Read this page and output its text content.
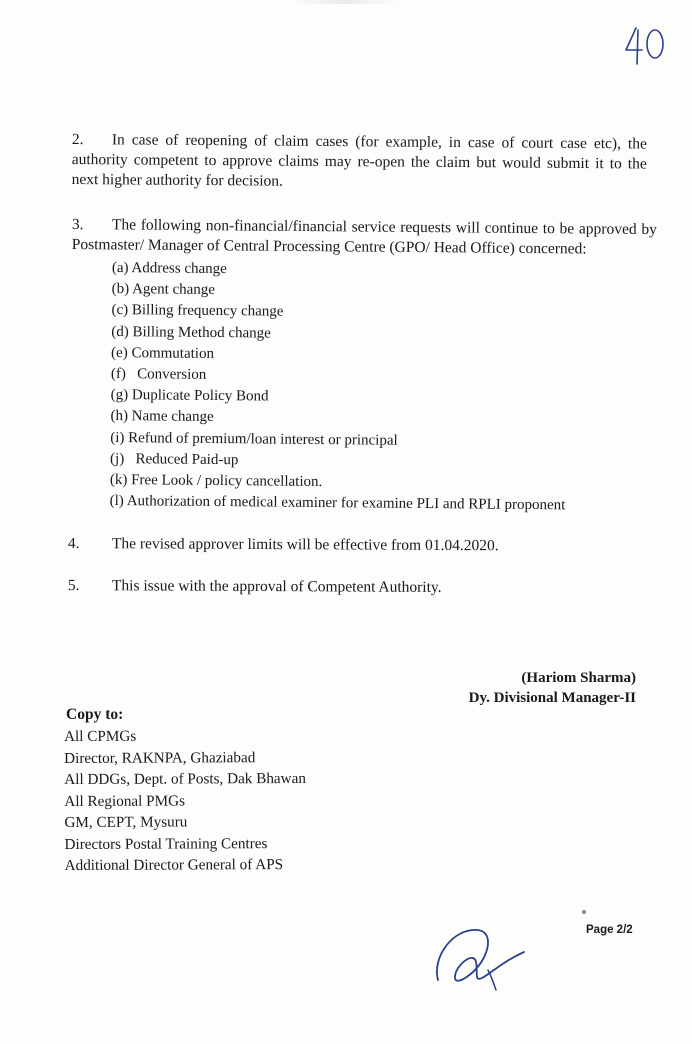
2. In case of reopening of claim cases (for example, in case of court case etc), the authority competent to approve claims may re-open the claim but would submit it to the next higher authority for decision.
3. The following non-financial/financial service requests will continue to be approved by Postmaster/ Manager of Central Processing Centre (GPO/ Head Office) concerned:
(a) Address change
(b) Agent change
(c) Billing frequency change
(d) Billing Method change
(e) Commutation
(f)   Conversion
(g) Duplicate Policy Bond
(h) Name change
(i) Refund of premium/loan interest or principal
(j)   Reduced Paid-up
(k) Free Look / policy cancellation.
(l) Authorization of medical examiner for examine PLI and RPLI proponent
4. The revised approver limits will be effective from 01.04.2020.
5. This issue with the approval of Competent Authority.
(Hariom Sharma)
Dy. Divisional Manager-II
Copy to:
All CPMGs
Director, RAKNPA, Ghaziabad
All DDGs, Dept. of Posts, Dak Bhawan
All Regional PMGs
GM, CEPT, Mysuru
Directors Postal Training Centres
Additional Director General of APS
Page 2/2
